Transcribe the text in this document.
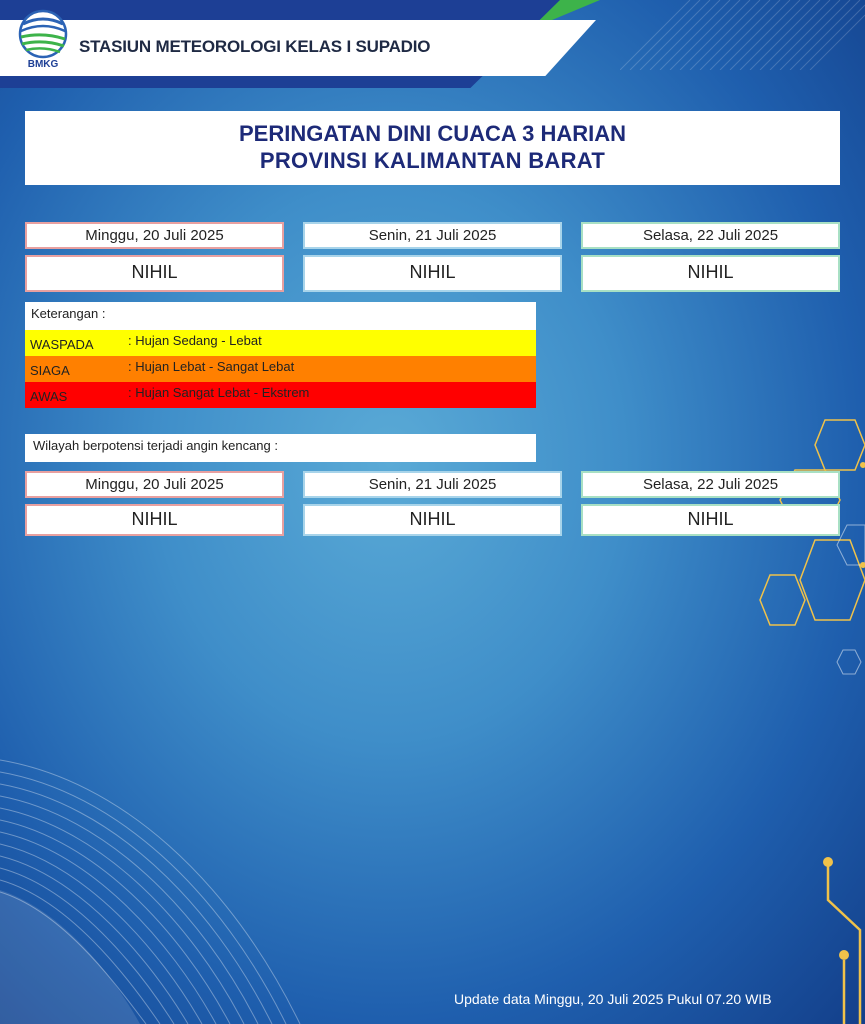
BMKG
STASIUN METEOROLOGI KELAS I SUPADIO
PERINGATAN DINI CUACA 3 HARIAN
PROVINSI KALIMANTAN BARAT
Minggu, 20 Juli 2025	Senin, 21 Juli 2025	Selasa, 22 Juli 2025
NIHIL	NIHIL	NIHIL
Keterangan :
WASPADA	: Hujan Sedang - Lebat
SIAGA	: Hujan Lebat - Sangat Lebat
AWAS	: Hujan Sangat Lebat - Ekstrem
Wilayah berpotensi terjadi angin kencang :
Minggu, 20 Juli 2025	Senin, 21 Juli 2025	Selasa, 22 Juli 2025
NIHIL	NIHIL	NIHIL
Update data Minggu, 20 Juli 2025 Pukul 07.20 WIB
